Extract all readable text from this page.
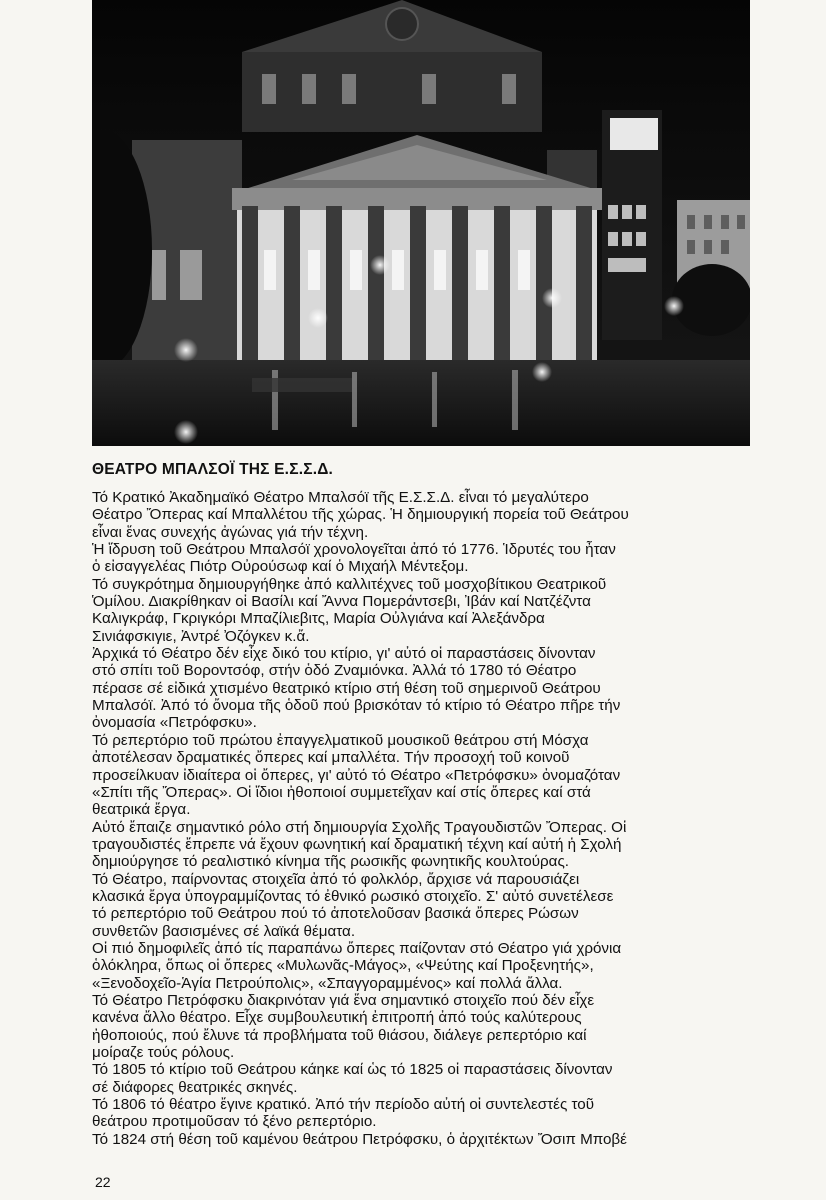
ΘΕΑΤΡΟ ΜΠΑΛΣΟΪ ΤΗΣ Ε.Σ.Σ.Δ.
Τό Κρατικό Ἀκαδημαϊκό Θέατρο Μπαλσόϊ τῆς Ε.Σ.Σ.Δ. εἶναι τό μεγαλύτερο
Θέατρο Ὄπερας καί Μπαλλέτου τῆς χώρας. Ἡ δημιουργική πορεία τοῦ Θεάτρου
εἶναι ἕνας συνεχής ἀγώνας γιά τήν τέχνη.
Ἡ ἵδρυση τοῦ Θεάτρου Μπαλσόϊ χρονολογεῖται ἀπό τό 1776. Ἱδρυτές του ἦταν
ὁ εἰσαγγελέας Πιότρ Οὐρούσωφ καί ὁ Μιχαήλ Μέντεξομ.
Τό συγκρότημα δημιουργήθηκε ἀπό καλλιτέχνες τοῦ μοσχοβίτικου Θεατρικοῦ
Ὁμίλου. Διακρίθηκαν οἱ Βασίλι καί Ἄννα Πομεράντσεβι, Ἰβάν καί Νατζέζντα
Καλιγκράφ, Γκριγκόρι Μπαζίλιεβιτς, Μαρία Οὐλγιάνα καί Ἀλεξάνδρα
Σινιάφσκιγιε, Ἀντρέ Ὀζόγκεν κ.ἄ.
Ἀρχικά τό Θέατρο δέν εἶχε δικό του κτίριο, γι' αὐτό οἱ παραστάσεις δίνονταν
στό σπίτι τοῦ Βοροντσόφ, στήν ὁδό Ζναμιόνκα. Ἀλλά τό 1780 τό Θέατρο
πέρασε σέ εἰδικά χτισμένο θεατρικό κτίριο στή θέση τοῦ σημερινοῦ Θεάτρου
Μπαλσόϊ. Ἀπό τό ὄνομα τῆς ὁδοῦ πού βρισκόταν τό κτίριο τό Θέατρο πῆρε τήν
ὀνομασία «Πετρόφσκυ».
Τό ρεπερτόριο τοῦ πρώτου ἐπαγγελματικοῦ μουσικοῦ θεάτρου στή Μόσχα
ἀποτέλεσαν δραματικές ὄπερες καί μπαλλέτα. Τήν προσοχή τοῦ κοινοῦ
προσείλκυαν ἰδιαίτερα οἱ ὄπερες, γι' αὐτό τό Θέατρο «Πετρόφσκυ» ὀνομαζόταν
«Σπίτι τῆς Ὄπερας». Οἱ ἴδιοι ἠθοποιοί συμμετεῖχαν καί στίς ὄπερες καί στά
θεατρικά ἔργα.
Αὐτό ἔπαιζε σημαντικό ρόλο στή δημιουργία Σχολῆς Τραγουδιστῶν Ὄπερας. Οἱ
τραγουδιστές ἔπρεπε νά ἔχουν φωνητική καί δραματική τέχνη καί αὐτή ἡ Σχολή
δημιούργησε τό ρεαλιστικό κίνημα τῆς ρωσικῆς φωνητικῆς κουλτούρας.
Τό Θέατρο, παίρνοντας στοιχεῖα ἀπό τό φολκλόρ, ἄρχισε νά παρουσιάζει
κλασικά ἔργα ὑπογραμμίζοντας τό ἐθνικό ρωσικό στοιχεῖο. Σ' αὐτό συνετέλεσε
τό ρεπερτόριο τοῦ Θεάτρου πού τό ἀποτελοῦσαν βασικά ὄπερες Ρώσων
συνθετῶν βασισμένες σέ λαϊκά θέματα.
Οἱ πιό δημοφιλεῖς ἀπό τίς παραπάνω ὄπερες παίζονταν στό Θέατρο γιά χρόνια
ὁλόκληρα, ὅπως οἱ ὄπερες «Μυλωνᾶς-Μάγος», «Ψεύτης καί Προξενητής»,
«Ξενοδοχεῖο-Ἁγία Πετρούπολις», «Σπαγγοραμμένος» καί πολλά ἄλλα.
Τό Θέατρο Πετρόφσκυ διακρινόταν γιά ἕνα σημαντικό στοιχεῖο πού δέν εἶχε
κανένα ἄλλο θέατρο. Εἶχε συμβουλευτική ἐπιτροπή ἀπό τούς καλύτερους
ἠθοποιούς, πού ἔλυνε τά προβλήματα τοῦ θιάσου, διάλεγε ρεπερτόριο καί
μοίραζε τούς ρόλους.
Τό 1805 τό κτίριο τοῦ Θεάτρου κάηκε καί ὡς τό 1825 οἱ παραστάσεις δίνονταν
σέ διάφορες θεατρικές σκηνές.
Τό 1806 τό θέατρο ἔγινε κρατικό. Ἀπό τήν περίοδο αὐτή οἱ συντελεστές τοῦ
θεάτρου προτιμοῦσαν τό ξένο ρεπερτόριο.
Τό 1824 στή θέση τοῦ καμένου θεάτρου Πετρόφσκυ, ὁ ἀρχιτέκτων Ὄσιπ Μποβέ
22
